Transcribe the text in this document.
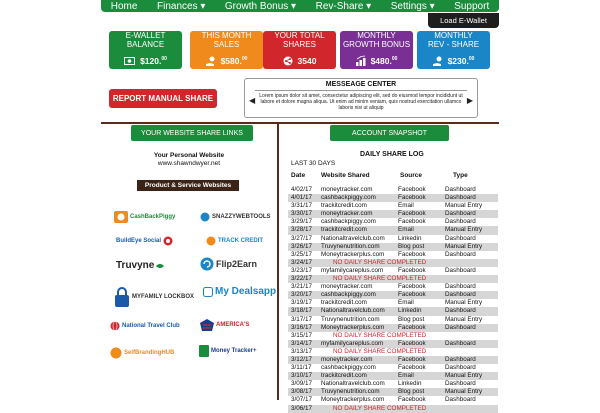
Home Finances ▾ Growth Bonus ▾ Rev-Share ▾ Settings ▾ Support
Load E-Wallet
E-WALLET
BALANCE
$120.00
THIS MONTH
SALES
$580.00
YOUR TOTAL
SHARES
3540
MONTHLY
GROWTH BONUS
$480.00
MONTHLY
REV - SHARE
$230.00
REPORT MANUAL SHARE
MESSEAGE CENTER
◀ Lorem ipsum dolor sit amet, consectetur adipiscing elit, sed do eiusmod tempor incididunt ut labore et dolore magna aliqua. Ut enim ad minim veniam, quis nostrud exercitation ullamco laboris nisi ut aliquip
▶
YOUR WEBSITE SHARE LINKS
Your Personal Website
www.shawndwyer.net
Product & Service Websites
CashBackPiggy	SNAZZYWEBTOOLS
BuildEye Social	TRACK CREDIT
Truvyne	Flip2Earn
MYFAMILY LOCKBOX My Dealsapp
National Travel Club	AMERICA'S
SelfBrandingHUB	Money Tracker+
ACCOUNT SNAPSHOT
DAILY SHARE LOG
LAST 30 DAYS
Date Website Shared	Source	Type
4/02/17 moneytracker.com	Facebook	Dashboard
4/01/17 cashbackpiggy.com	Facebook	Dashboard
3/31/17 trackitcredit.com	Email	Manual Entry
3/30/17 moneytracker.com	Facebook	Dashboard
3/29/17 cashbackpiggy.com	Facebook	Dashboard
3/28/17 trackitcredit.com	Email	Manual Entry
3/27/17 Nationaltravelclub.com Linkedin	Dashboard
3/26/17 Truvynenutrition.com	Blog post	Manual Entry
3/25/17 Moneytrackerplus.com Facebook	Dashboard
3/24/17	NO DAILY SHARE COMPLETED
3/23/17 myfamilycareplus.com Facebook	Dashboard
3/22/17	NO DAILY SHARE COMPLETED
3/21/17 moneytracker.com	Facebook	Dashboard
3/20/17 cashbackpiggy.com	Facebook	Dashboard
3/19/17 trackitcredit.com	Email	Manual Entry
3/18/17 Nationaltravelclub.com Linkedin	Dashboard
3/17/17 Truvynenutrition.com	Blog post	Manual Entry
3/16/17 Moneytrackerplus.com Facebook	Dashboard
3/15/17	NO DAILY SHARE COMPLETED
3/14/17 myfamilycareplus.com Facebook	Dashboard
3/13/17	NO DAILY SHARE COMPLETED
3/12/17 moneytracker.com	Facebook	Dashboard
3/11/17 cashbackpiggy.com	Facebook	Dashboard
3/10/17 trackitcredit.com	Email	Manual Entry
3/09/17 Nationaltravelclub.com Linkedin	Dashboard
3/08/17 Truvynenutrition.com	Blog post	Manual Entry
3/07/17 Moneytrackerplus.com Facebook	Dashboard
3/06/17	NO DAILY SHARE COMPLETED
